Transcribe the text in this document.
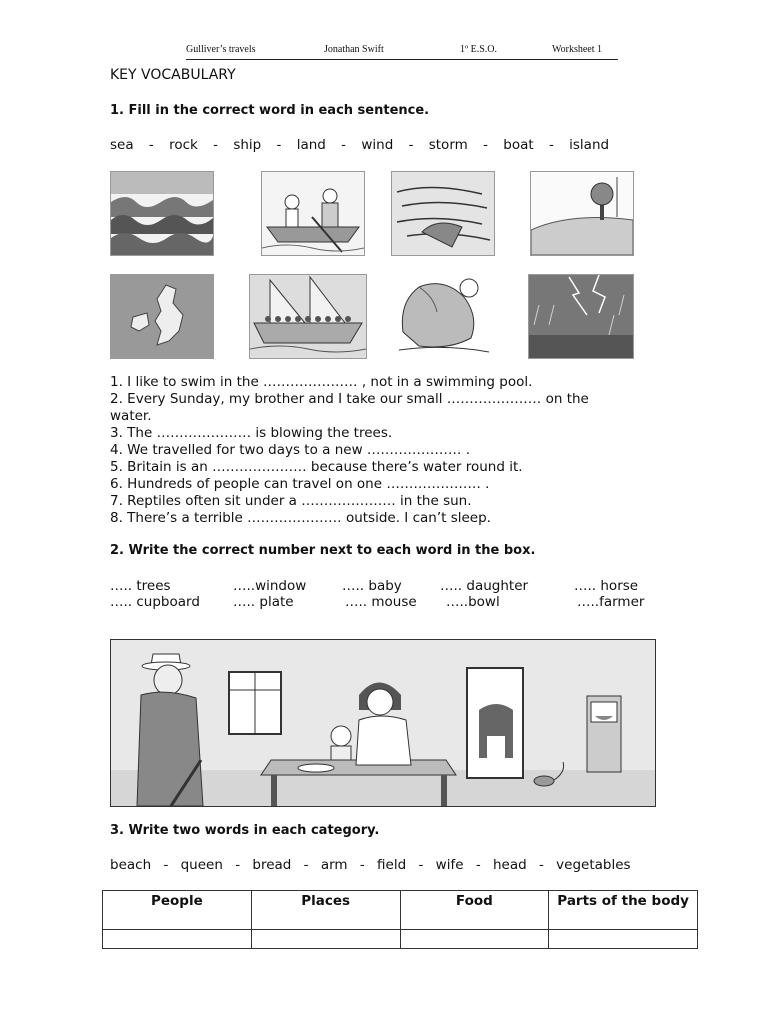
Gulliver’s travels	Jonathan Swift	1º E.S.O.	Worksheet 1
KEY VOCABULARY
1. Fill in the correct word in each sentence.
sea - rock - ship - land - wind - storm - boat - island
1. I like to swim in the ………………… , not in a swimming pool.
2. Every Sunday, my brother and I take our small ………………… on the
water.
3. The ………………… is blowing the trees.
4. We travelled for two days to a new ………………… .
5. Britain is an ………………… because there’s water round it.
6. Hundreds of people can travel on one ………………… .
7. Reptiles often sit under a ………………… in the sun.
8. There’s a terrible ………………… outside. I can’t sleep.
2. Write the correct number next to each word in the box.
….. trees	…..window	….. baby	….. daughter	….. horse
….. cupboard ….. plate	….. mouse …..bowl	…..farmer
3. Write two words in each category.
beach - queen - bread - arm - field - wife - head - vegetables
People	Places	Food	Parts of the body
